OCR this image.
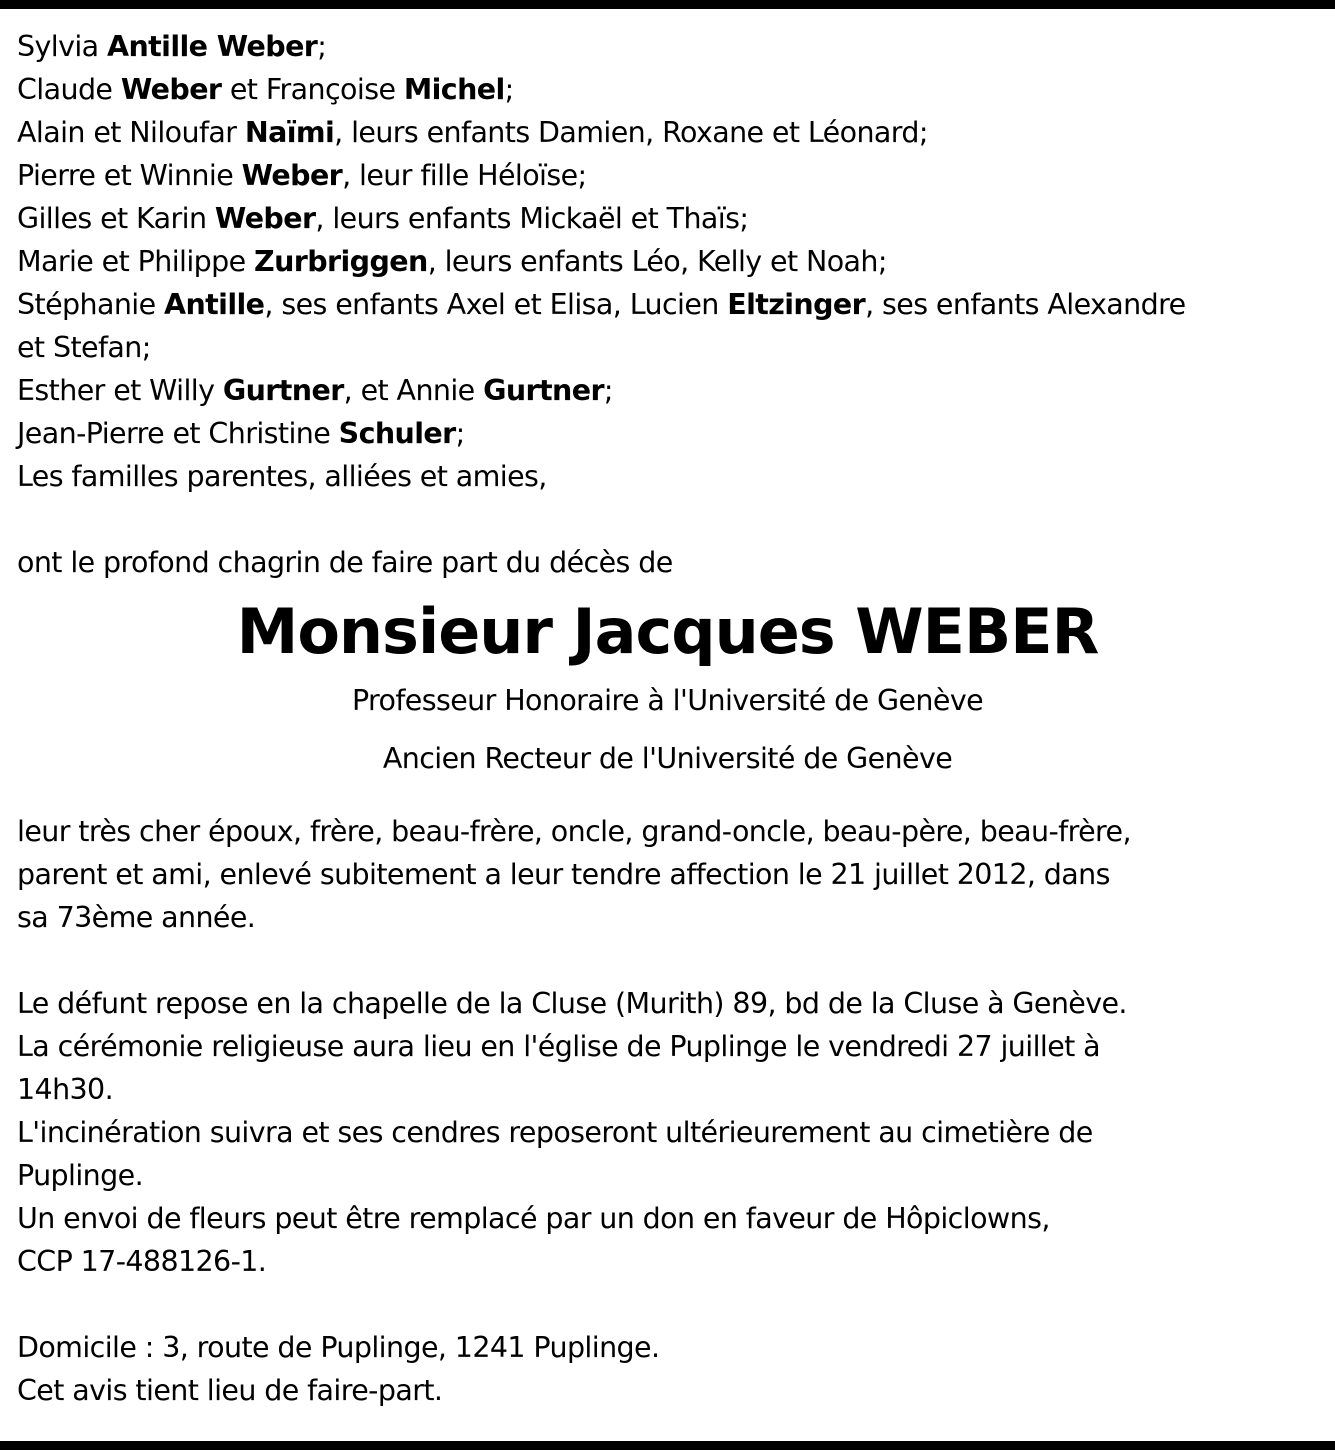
Sylvia Antille Weber;
Claude Weber et Françoise Michel;
Alain et Niloufar Naïmi, leurs enfants Damien, Roxane et Léonard;
Pierre et Winnie Weber, leur fille Héloïse;
Gilles et Karin Weber, leurs enfants Mickaël et Thaïs;
Marie et Philippe Zurbriggen, leurs enfants Léo, Kelly et Noah;
Stéphanie Antille, ses enfants Axel et Elisa, Lucien Eltzinger, ses enfants Alexandre
et Stefan;
Esther et Willy Gurtner, et Annie Gurtner;
Jean-Pierre et Christine Schuler;
Les familles parentes, alliées et amies,
ont le profond chagrin de faire part du décès de
Monsieur Jacques WEBER
Professeur Honoraire à l'Université de Genève
Ancien Recteur de l'Université de Genève
leur très cher époux, frère, beau-frère, oncle, grand-oncle, beau-père, beau-frère,
parent et ami, enlevé subitement a leur tendre affection le 21 juillet 2012, dans
sa 73ème année.
Le défunt repose en la chapelle de la Cluse (Murith) 89, bd de la Cluse à Genève.
La cérémonie religieuse aura lieu en l'église de Puplinge le vendredi 27 juillet à
14h30.
L'incinération suivra et ses cendres reposeront ultérieurement au cimetière de
Puplinge.
Un envoi de fleurs peut être remplacé par un don en faveur de Hôpiclowns,
CCP 17-488126-1.
Domicile : 3, route de Puplinge, 1241 Puplinge.
Cet avis tient lieu de faire-part.
